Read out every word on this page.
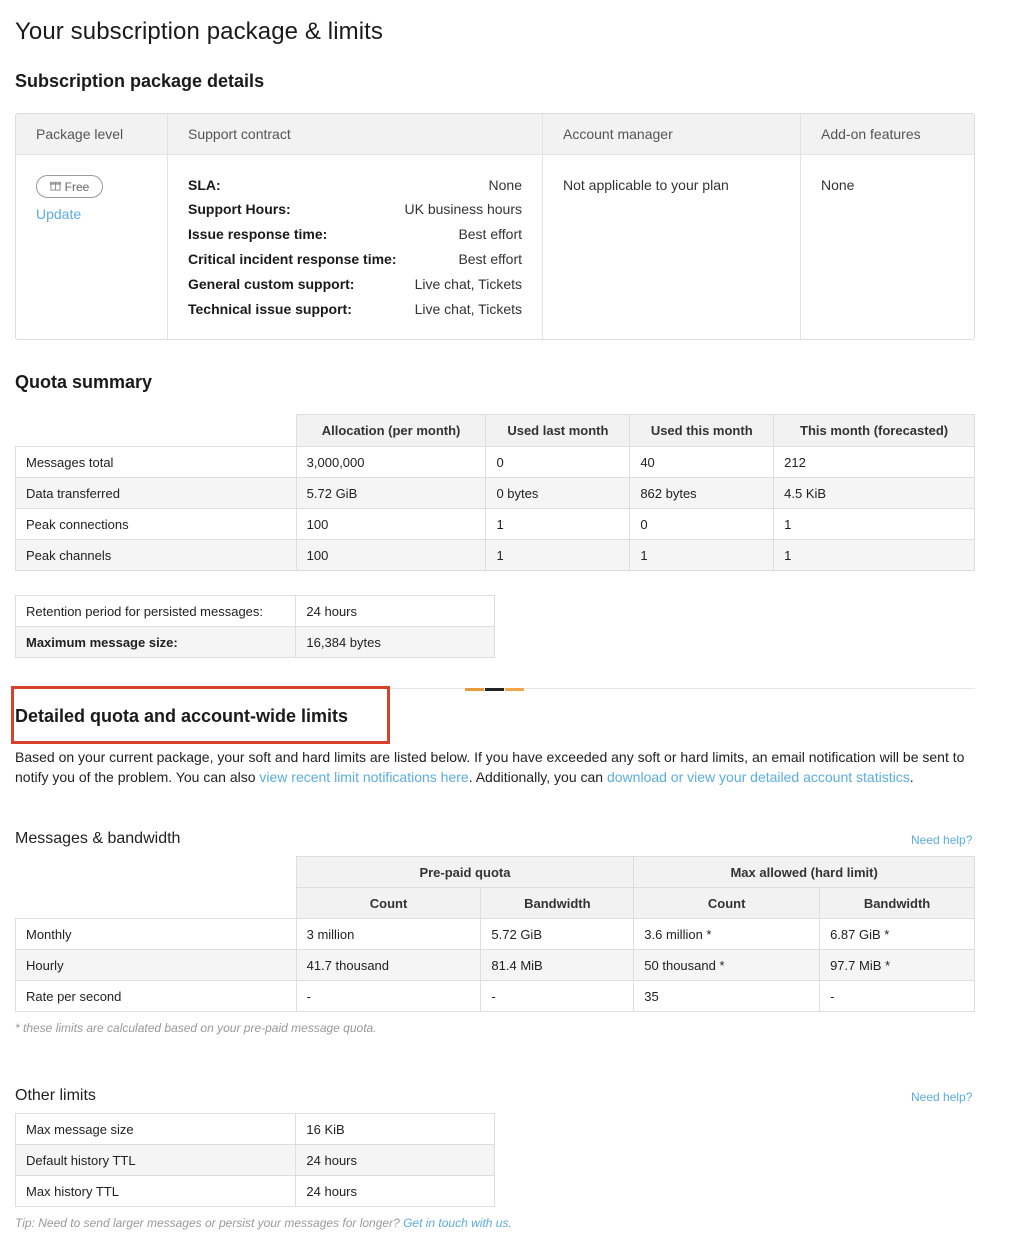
Your subscription package & limits
Subscription package details
Package level	Support contract	Account manager	Add-on features
Free
Update
SLA:	None
Support Hours:	UK business hours
Issue response time:	Best effort
Critical incident response time:	Best effort
General custom support:	Live chat, Tickets
Technical issue support:	Live chat, Tickets
Not applicable to your plan	None
Quota summary
	Allocation (per month)	Used last month	Used this month	This month (forecasted)
Messages total	3,000,000	0	40	212
Data transferred	5.72 GiB	0 bytes	862 bytes	4.5 KiB
Peak connections	100	1	0	1
Peak channels	100	1	1	1
Retention period for persisted messages:	24 hours
Maximum message size:	16,384 bytes
Detailed quota and account-wide limits

Based on your current package, your soft and hard limits are listed below. If you have exceeded any soft or hard limits, an email notification will be sent to notify you of the problem. You can also view recent limit notifications here. Additionally, you can download or view your detailed account statistics.

Messages & bandwidth	Need help?
	Pre-paid quota		Max allowed (hard limit)	
	Count	Bandwidth	Count	Bandwidth
Monthly	3 million	5.72 GiB	3.6 million *	6.87 GiB *
Hourly	41.7 thousand	81.4 MiB	50 thousand *	97.7 MiB *
Rate per second	-	-	35	-

* these limits are calculated based on your pre-paid message quota.

Other limits	Need help?
Max message size	16 KiB
Default history TTL	24 hours
Max history TTL	24 hours

Tip: Need to send larger messages or persist your messages for longer? Get in touch with us.
